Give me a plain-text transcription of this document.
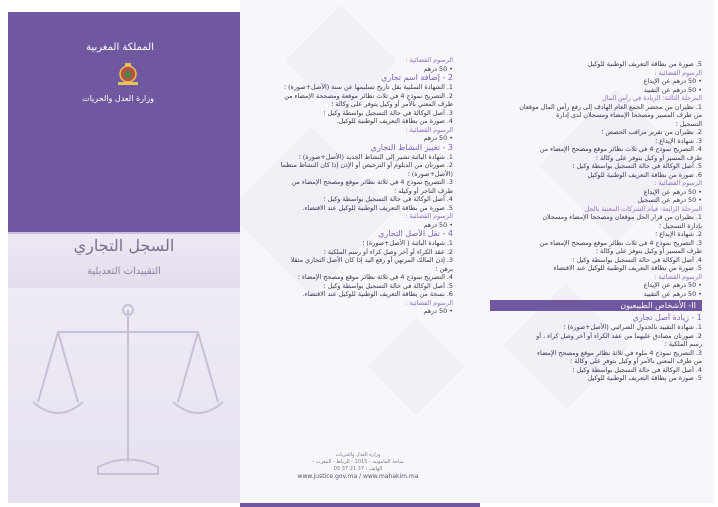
المملكة المغربية
وزارة العدل والحريات
السجل التجاري
التقييدات التعديلية
الرسوم القضائية :
• 50 درهم
2 - إضافة اسم تجاري
1. الشهادة السلبية بقل تاريخ تسليمها عن سنة (الأصل+صورة) ؛
2. التصريح نموذج 4 في ثلاث نظائر موقعة ومصححة الإمضاء من
طرف المعني بالأمر أو وكيل يتوفر على وكالة ؛
3. أصل الوكالة في حالة التسجيل بواسطة وكيل ؛
4. صورة من بطاقة التعريف الوطنية للوكيل.
الرسوم القضائية :
• 50 درهم
3 - تغيير النشاط التجاري
1. شهادة البائنة تشير إلى النشاط الجديد (الأصل+صورة) ؛
2. صورتان من الدبلوم أو الترخيص أو الإذن إذا كان النشاط منظما
(الأصل+صورة) ؛
3. التصريح نموذج 4 في ثلاثة نظائر موقع ومصحح الإمضاء من
طرف التاجر أو وكيله ؛
4. أصل الوكالة في حالة التسجيل بواسطة وكيل ؛
5. صورة من بطاقة التعريف الوطنية للوكيل عند الاقتضاء.
الرسوم القضائية :
• 50 درهم
4 - نقل الأصل التجاري
1. شهادة البائنة ( الأصل+صورة) ؛
2. عقد الكراء أو آخر وصل كراء أو رسم الملكية ؛
3. إذن المالك المرتهن أو رفع اليد إذا كان الأصل التجاري مثقلا
برهن ؛
4. التصريح نموذج 4 في ثلاثة نظائر موقع ومصحح الإمضاء ؛
5. أصل الوكالة في حالة التسجيل بواسطة وكيل ؛
6. نسخة من بطاقة التعريف الوطنية للوكيل عند الاقتضاء.
الرسوم القضائية :
• 50 درهم
5. صورة من بطاقة التعريف الوطنية للوكيل
الرسوم القضائية :
• 50 درهم عن الإيداع
• 50 درهم عن التقييد
المرحلة الثالثة: الزيادة في رأس المال
1. نظيران من محضر الجمع العام الهادف إلى رفع رأس المال موقعان
من طرف المسير ومصححا الإمضاء ومسجلان لدى إدارة
التسجيل ؛
2. نظيران من تقرير مراقب الحصص ؛
3. شهادة الإيداع ؛
4. التصريح نموذج 4 في ثلاث نظائر موقع ومصحح الإمضاء من
طرف المسير أو وكيل يتوفر على وكالة ؛
5. أصل الوكالة في حالة التسجيل بواسطة وكيل ؛
6. صورة من بطاقة التعريف الوطنية للوكيل
الرسوم القضائية :
• 50 درهم عن الإيداع
• 50 درهم عن التسجيل
المرحلة الرابعة: قيام الشركات المعنية بالحل
1. نظيران من قرار الحل موقعان ومصححا الإمضاء ومسجلان
بإدارة التسجيل ؛
2. شهادة الإيداع ؛
3. التصريح نموذج 4 في ثلاث نظائر موقع ومصحح الإمضاء من
طرف المسير أو وكيل يتوفر على وكالة ؛
4. أصل الوكالة في حالة التسجيل بواسطة وكيل ؛
5. صورة من بطاقة التعريف الوطنية للوكيل عند الاقتضاء
الرسوم القضائية :
• 50 درهم عن الإيداع
• 50 درهم عن التقييد
II- الأشخاص الطبيعيون
1 - زيادة أصل تجاري
1. شهادة التقييد بالجدول الضرائبي (الأصل+صورة) ؛
2. صورتان مصادق عليهما من عقد الكراء أو آخر وصل كراء ، أو
رسم الملكية ؛
3. التصريح نموذج 4 ملوء في ثلاثة نظائر موقع ومصحح الإمضاء
من طرف المعني بالأمر أو وكيل يتوفر على وكالة ؛
4. أصل الوكالة في حالة التسجيل بواسطة وكيل ؛
5. صورة من بطاقة التعريف الوطنية للوكيل
وزارة العدل والحريات
ساحة المامونية - 1015 - الرباط - المغرب -
الهاتف : 37 21 37 05
www.justice.gov.ma / www.mahakim.ma
